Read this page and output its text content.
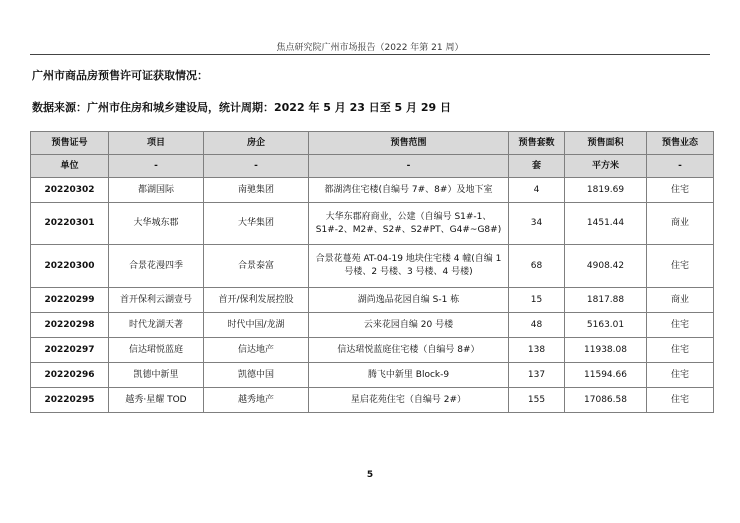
焦点研究院广州市场报告（2022 年第 21 周）
广州市商品房预售许可证获取情况：
数据来源：广州市住房和城乡建设局，统计周期：2022 年 5 月 23 日至 5 月 29 日
预售证号	项目	房企	预售范围	预售套数	预售面积	预售业态
单位	-	-	-	套	平方米	-
20220302	都湖国际	南驰集团	都湖湾住宅楼(自编号 7#、8#）及地下室	4	1819.69	住宅
20220301	大华城东郡	大华集团	大华东郡府商业，公建（自编号 S1#-1、S1#-2、M2#、S2#、S2#PT、G4#~G8#)	34	1451.44	商业
20220300	合景花漫四季	合景泰富	合景花蔓苑 AT-04-19 地块住宅楼 4 幢(自编 1 号楼、2 号楼、3 号楼、4 号楼)	68	4908.42	住宅
20220299	首开保利云湖壹号	首开/保利发展控股	湖尚逸品花园自编 S-1 栋	15	1817.88	商业
20220298	时代龙湖天著	时代中国/龙湖	云来花园自编 20 号楼	48	5163.01	住宅
20220297	信达珺悦蓝庭	信达地产	信达珺悦蓝庭住宅楼（自编号 8#）	138	11938.08	住宅
20220296	凯德中新里	凯德中国	腾飞中新里 Block-9	137	11594.66	住宅
20220295	越秀·星耀 TOD	越秀地产	星启花苑住宅（自编号 2#）	155	17086.58	住宅
5
